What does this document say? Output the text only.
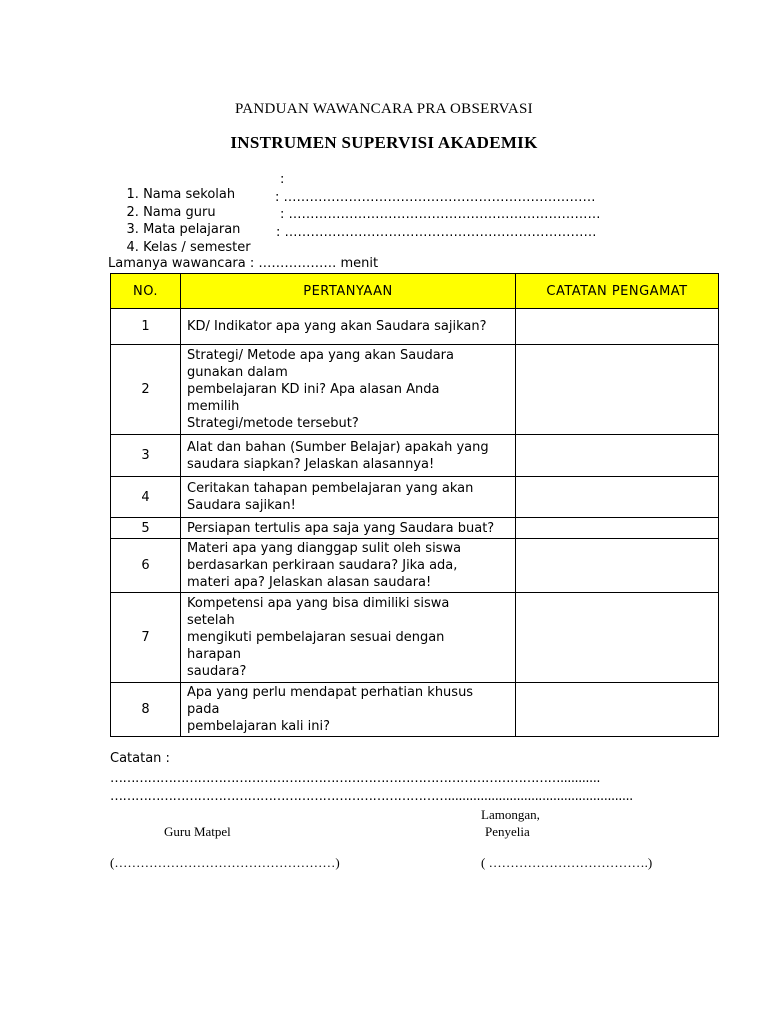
PANDUAN WAWANCARA PRA OBSERVASI
INSTRUMEN SUPERVISI AKADEMIK

1. Nama sekolah

:

2. Nama guru

: ………………………………………………………………

3. Mata pelajaran

: ………………………………………………………………

4. Kelas / semester

: ………………………………………………………………

Lamanya wawancara : ……………… menit
NO.	PERTANYAAN	CATATAN PENGAMAT
1	KD/ Indikator apa yang akan Saudara sajikan?	

2	Strategi/ Metode apa yang akan Saudara
gunakan dalam
pembelajaran KD ini? Apa alasan Anda
memilih
Strategi/metode tersebut?	

3	Alat dan bahan (Sumber Belajar) apakah yang
saudara siapkan? Jelaskan alasannya!	

4	Ceritakan tahapan pembelajaran yang akan
Saudara sajikan!	

5	Persiapan tertulis apa saja yang Saudara buat?	

6	Materi apa yang dianggap sulit oleh siswa
berdasarkan perkiraan saudara? Jika ada,
materi apa? Jelaskan alasan saudara!	

7	Kompetensi apa yang bisa dimiliki siswa
setelah
mengikuti pembelajaran sesuai dengan
harapan
saudara?	

8	Apa yang perlu mendapat perhatian khusus
pada
pembelajaran kali ini?	

Catatan :
………………………………………………………………………………………………...........
………………………………………………………………………...................................................
Lamongan,
Guru Matpel	Penyelia
(……………………………………………)	( ……………………………….)
